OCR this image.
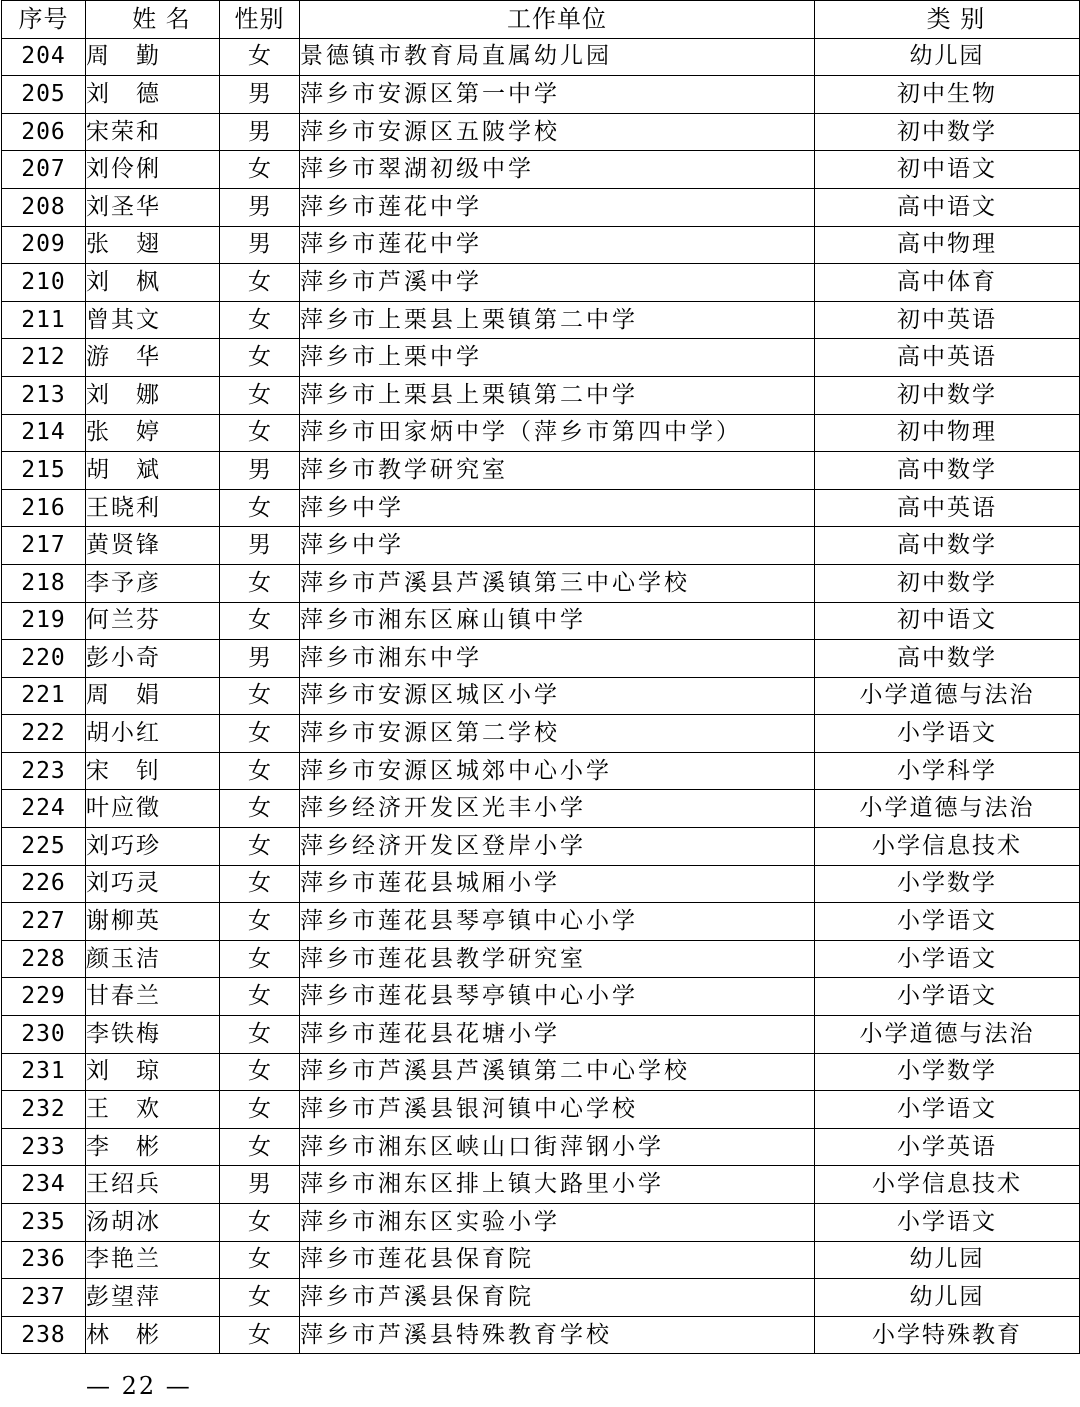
序号	姓 名	性别	工作单位	类 别
204	周　勤	女	景德镇市教育局直属幼儿园	幼儿园
205	刘　德	男	萍乡市安源区第一中学	初中生物
206	宋荣和	男	萍乡市安源区五陂学校	初中数学
207	刘伶俐	女	萍乡市翠湖初级中学	初中语文
208	刘圣华	男	萍乡市莲花中学	高中语文
209	张　翅	男	萍乡市莲花中学	高中物理
210	刘　枫	女	萍乡市芦溪中学	高中体育
211	曾其文	女	萍乡市上栗县上栗镇第二中学	初中英语
212	游　华	女	萍乡市上栗中学	高中英语
213	刘　娜	女	萍乡市上栗县上栗镇第二中学	初中数学
214	张　婷	女	萍乡市田家炳中学（萍乡市第四中学）	初中物理
215	胡　斌	男	萍乡市教学研究室	高中数学
216	王晓利	女	萍乡中学	高中英语
217	黄贤锋	男	萍乡中学	高中数学
218	李予彦	女	萍乡市芦溪县芦溪镇第三中心学校	初中数学
219	何兰芬	女	萍乡市湘东区麻山镇中学	初中语文
220	彭小奇	男	萍乡市湘东中学	高中数学
221	周　娟	女	萍乡市安源区城区小学	小学道德与法治
222	胡小红	女	萍乡市安源区第二学校	小学语文
223	宋　钊	女	萍乡市安源区城郊中心小学	小学科学
224	叶应徵	女	萍乡经济开发区光丰小学	小学道德与法治
225	刘巧珍	女	萍乡经济开发区登岸小学	小学信息技术
226	刘巧灵	女	萍乡市莲花县城厢小学	小学数学
227	谢柳英	女	萍乡市莲花县琴亭镇中心小学	小学语文
228	颜玉洁	女	萍乡市莲花县教学研究室	小学语文
229	甘春兰	女	萍乡市莲花县琴亭镇中心小学	小学语文
230	李铁梅	女	萍乡市莲花县花塘小学	小学道德与法治
231	刘　琼	女	萍乡市芦溪县芦溪镇第二中心学校	小学数学
232	王　欢	女	萍乡市芦溪县银河镇中心学校	小学语文
233	李　彬	女	萍乡市湘东区峡山口街萍钢小学	小学英语
234	王绍兵	男	萍乡市湘东区排上镇大路里小学	小学信息技术
235	汤胡冰	女	萍乡市湘东区实验小学	小学语文
236	李艳兰	女	萍乡市莲花县保育院	幼儿园
237	彭望萍	女	萍乡市芦溪县保育院	幼儿园
238	林　彬	女	萍乡市芦溪县特殊教育学校	小学特殊教育
— 22 —
